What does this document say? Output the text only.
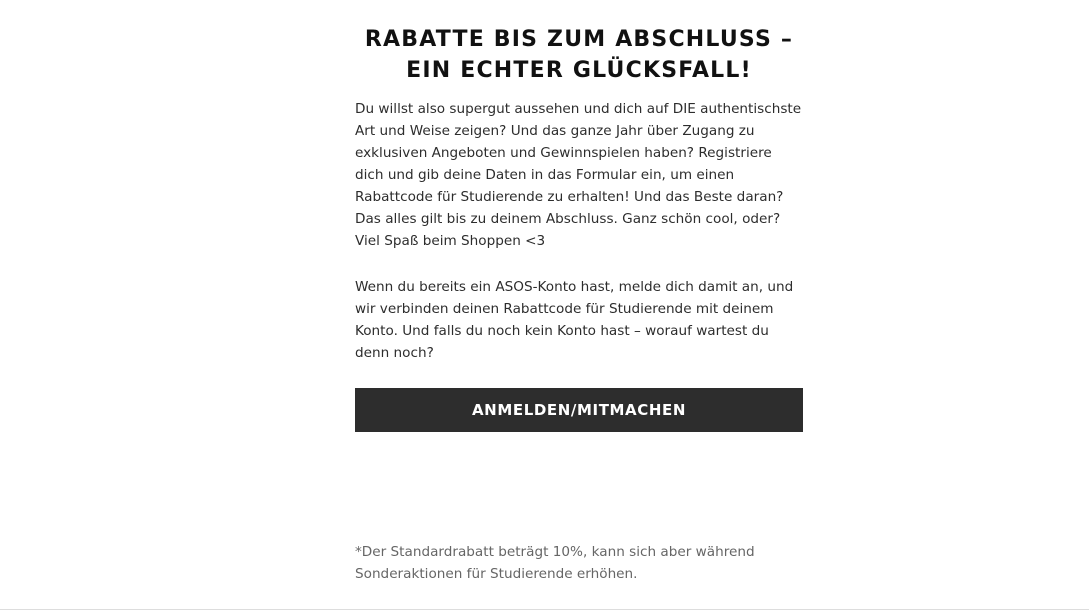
RABATTE BIS ZUM ABSCHLUSS – EIN ECHTER GLÜCKSFALL!

Du willst also supergut aussehen und dich auf DIE authentischste Art und Weise zeigen? Und das ganze Jahr über Zugang zu exklusiven Angeboten und Gewinnspielen haben? Registriere dich und gib deine Daten in das Formular ein, um einen Rabattcode für Studierende zu erhalten! Und das Beste daran? Das alles gilt bis zu deinem Abschluss. Ganz schön cool, oder? Viel Spaß beim Shoppen <3

Wenn du bereits ein ASOS-Konto hast, melde dich damit an, und wir verbinden deinen Rabattcode für Studierende mit deinem Konto. Und falls du noch kein Konto hast – worauf wartest du denn noch?

ANMELDEN/MITMACHEN

*Der Standardrabatt beträgt 10%, kann sich aber während Sonderaktionen für Studierende erhöhen.
